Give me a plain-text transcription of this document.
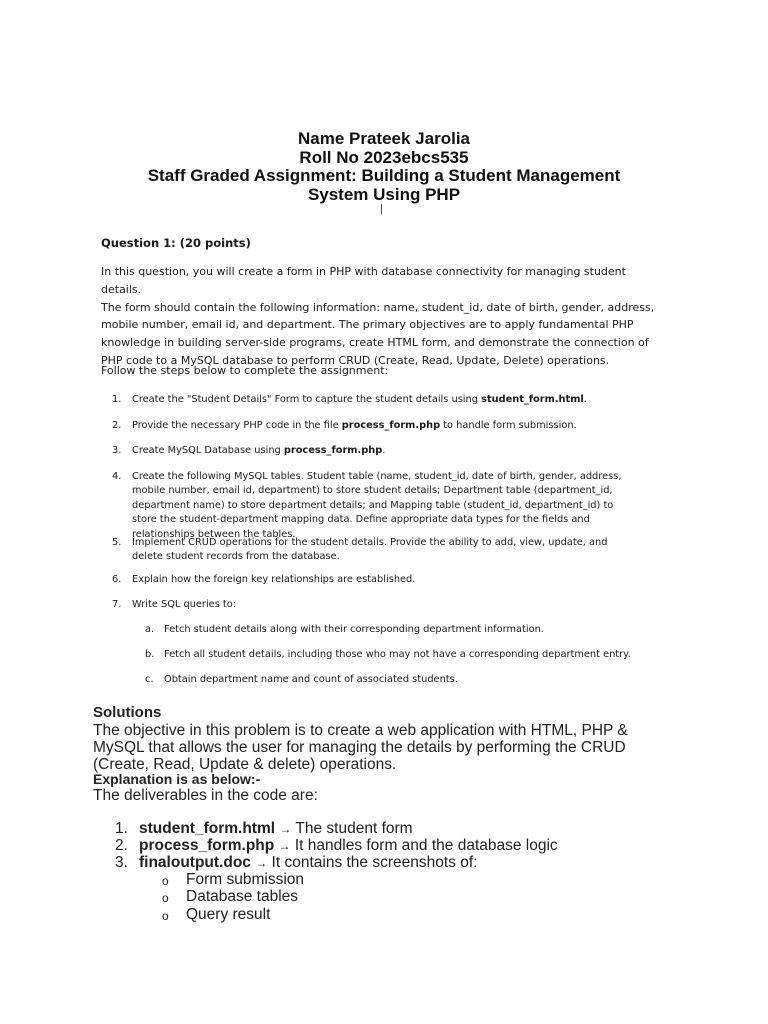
Name Prateek Jarolia
Roll No 2023ebcs535
Staff Graded Assignment: Building a Student Management
System Using PHP
Question 1: (20 points)
In this question, you will create a form in PHP with database connectivity for managing student details.
The form should contain the following information: name, student_id, date of birth, gender, address,
mobile number, email id, and department. The primary objectives are to apply fundamental PHP
knowledge in building server-side programs, create HTML form, and demonstrate the connection of
PHP code to a MySQL database to perform CRUD (Create, Read, Update, Delete) operations.
Follow the steps below to complete the assignment:
1. Create the "Student Details" Form to capture the student details using student_form.html.
2. Provide the necessary PHP code in the file process_form.php to handle form submission.
3. Create MySQL Database using process_form.php.
4. Create the following MySQL tables. Student table (name, student_id, date of birth, gender, address, mobile number, email id, department) to store student details; Department table (department_id, department name) to store department details; and Mapping table (student_id, department_id) to store the student-department mapping data. Define appropriate data types for the fields and relationships between the tables.
5. Implement CRUD operations for the student details. Provide the ability to add, view, update, and delete student records from the database.
6. Explain how the foreign key relationships are established.
7. Write SQL queries to:
a. Fetch student details along with their corresponding department information.
b. Fetch all student details, including those who may not have a corresponding department entry.
c. Obtain department name and count of associated students.
Solutions
The objective in this problem is to create a web application with HTML, PHP & MySQL that allows the user for managing the details by performing the CRUD (Create, Read, Update & delete) operations.
Explanation is as below:-
The deliverables in the code are:
1. student_form.html → The student form
2. process_form.php → It handles form and the database logic
3. finaloutput.doc → It contains the screenshots of:
o Form submission
o Database tables
o Query result
